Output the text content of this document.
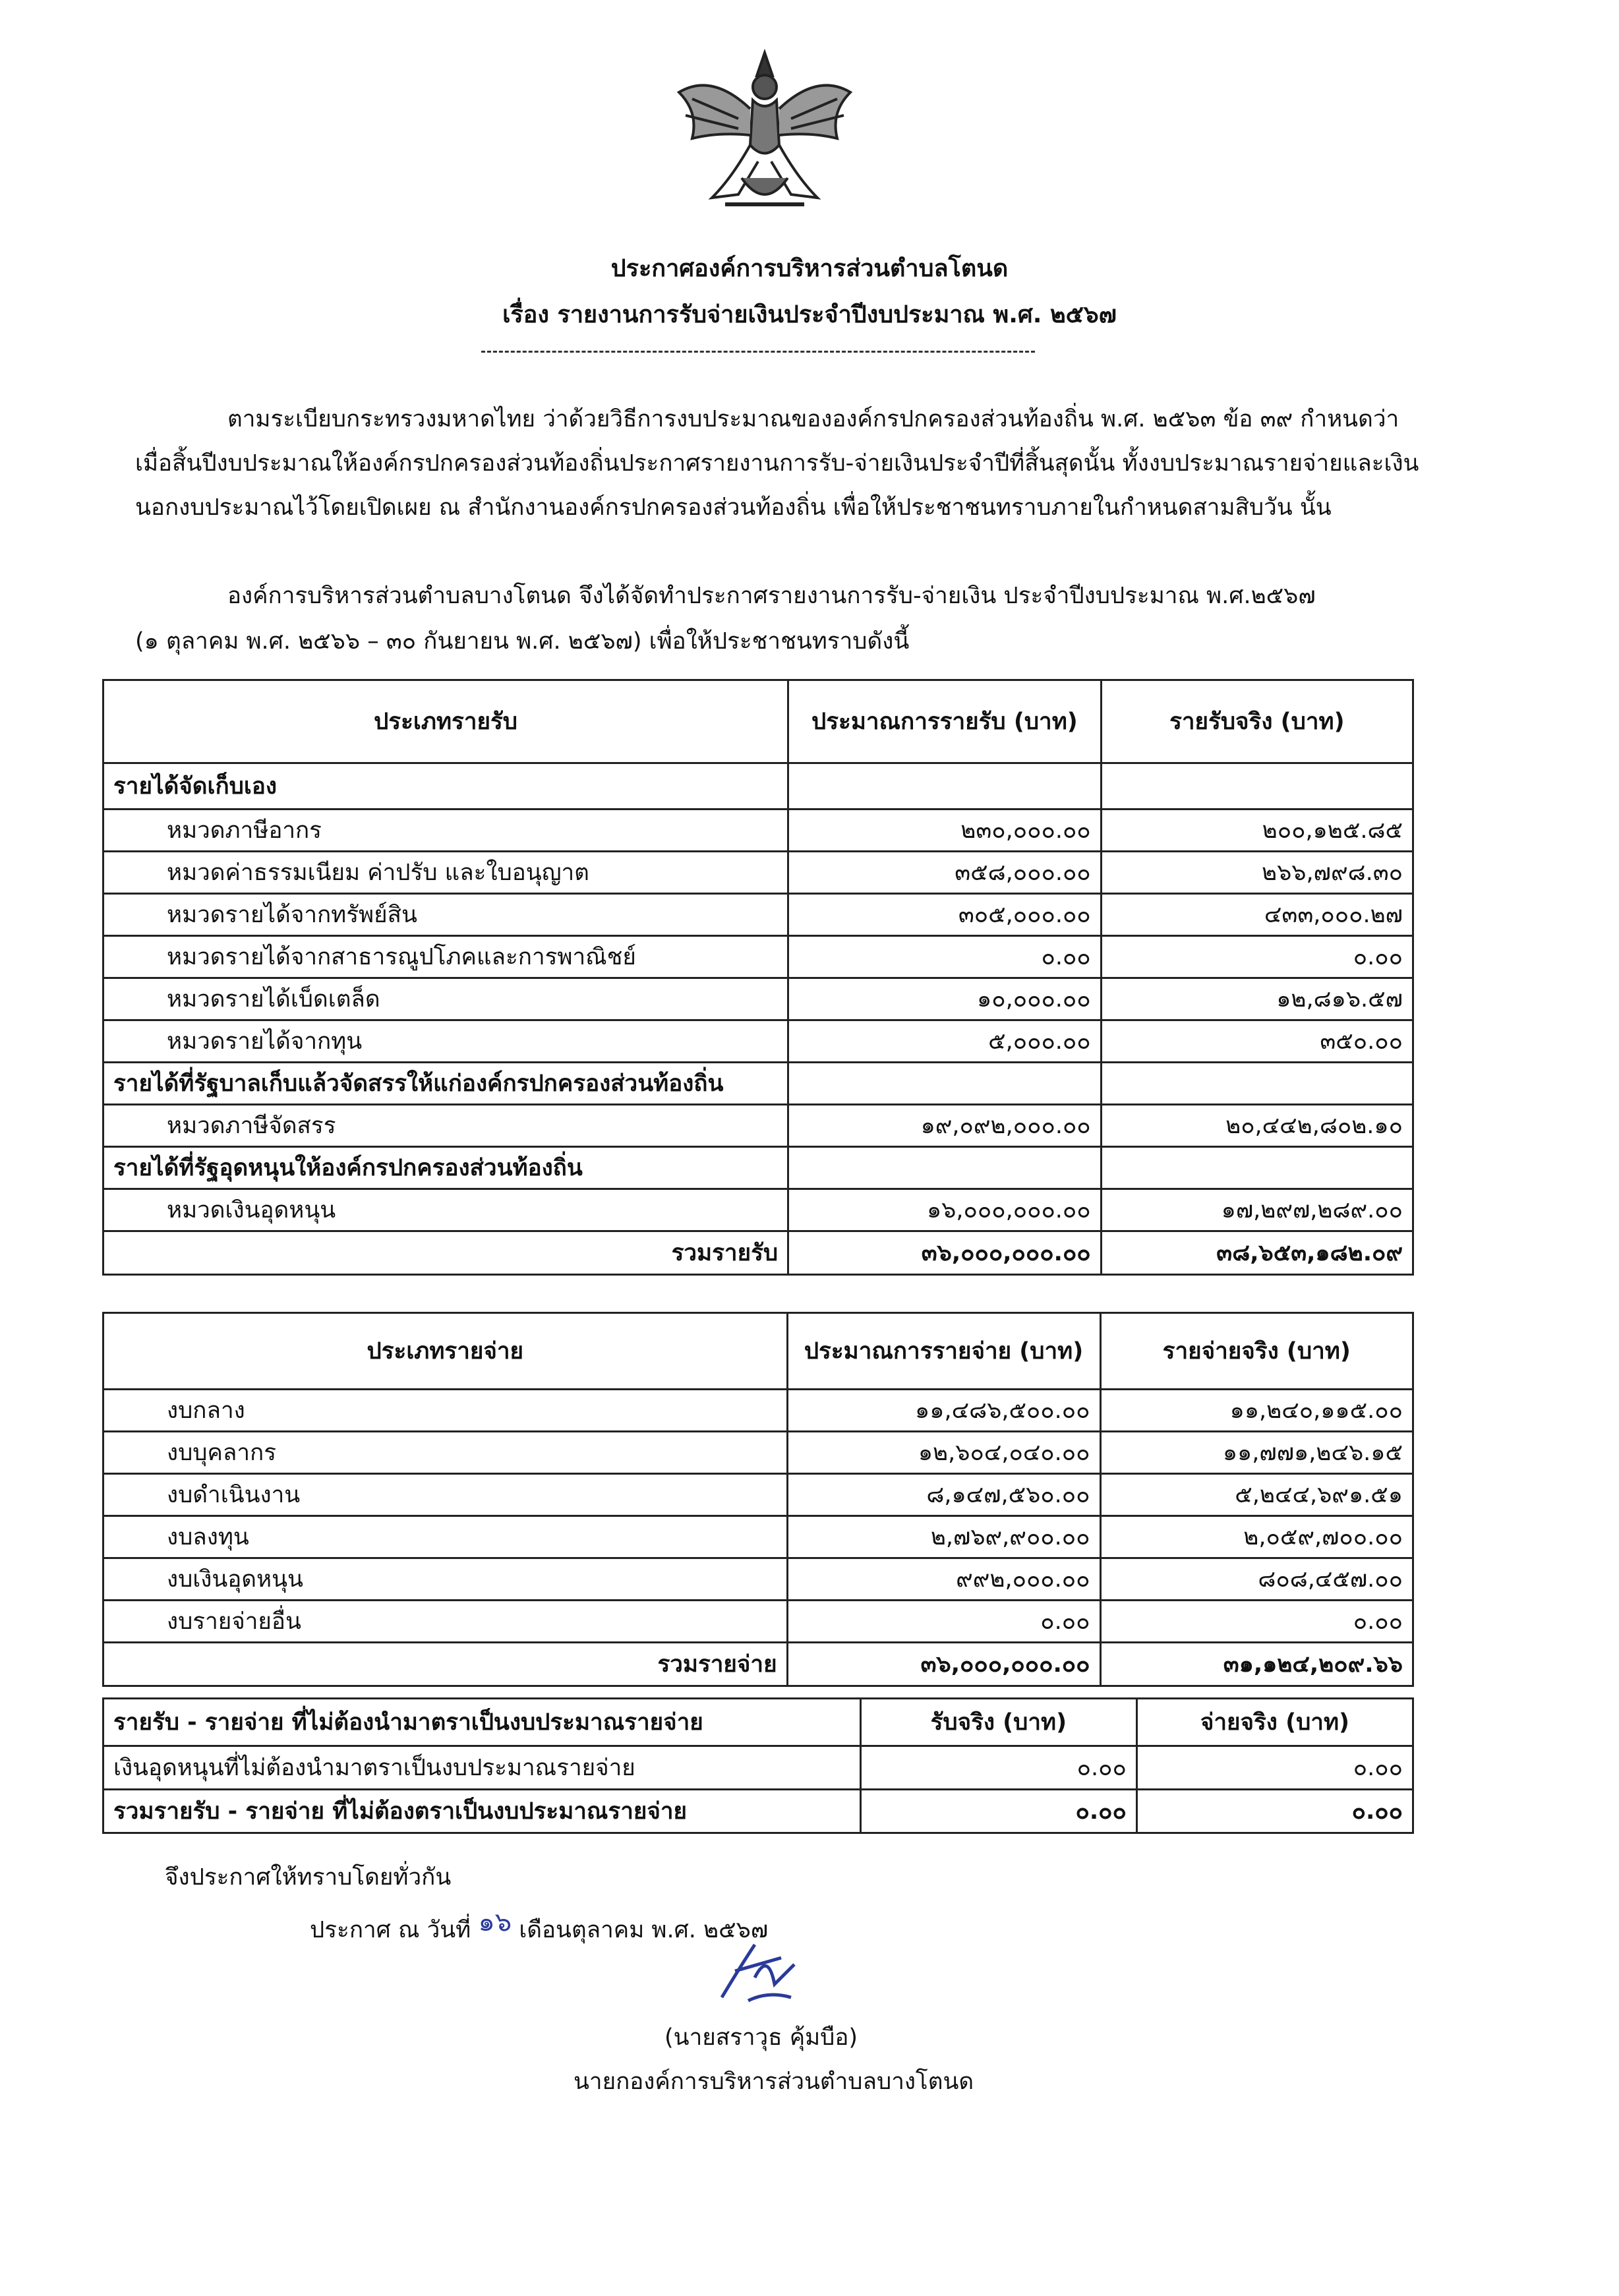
ประกาศองค์การบริหารส่วนตำบลโตนด
เรื่อง รายงานการรับจ่ายเงินประจำปีงบประมาณ พ.ศ. ๒๕๖๗
ตามระเบียบกระทรวงมหาดไทย ว่าด้วยวิธีการงบประมาณขององค์กรปกครองส่วนท้องถิ่น พ.ศ. ๒๕๖๓ ข้อ ๓๙ กำหนดว่า
เมื่อสิ้นปีงบประมาณให้องค์กรปกครองส่วนท้องถิ่นประกาศรายงานการรับ-จ่ายเงินประจำปีที่สิ้นสุดนั้น ทั้งงบประมาณรายจ่ายและเงิน
นอกงบประมาณไว้โดยเปิดเผย ณ สำนักงานองค์กรปกครองส่วนท้องถิ่น เพื่อให้ประชาชนทราบภายในกำหนดสามสิบวัน นั้น
องค์การบริหารส่วนตำบลบางโตนด จึงได้จัดทำประกาศรายงานการรับ-จ่ายเงิน ประจำปีงบประมาณ พ.ศ.๒๕๖๗
(๑ ตุลาคม พ.ศ. ๒๕๖๖ – ๓๐ กันยายน พ.ศ. ๒๕๖๗) เพื่อให้ประชาชนทราบดังนี้
ประเภทรายรับ	ประมาณการรายรับ (บาท)	รายรับจริง (บาท)
รายได้จัดเก็บเอง		
หมวดภาษีอากร	๒๓๐,๐๐๐.๐๐	๒๐๐,๑๒๕.๘๕
หมวดค่าธรรมเนียม ค่าปรับ และใบอนุญาต	๓๕๘,๐๐๐.๐๐	๒๖๖,๗๙๘.๓๐
หมวดรายได้จากทรัพย์สิน	๓๐๕,๐๐๐.๐๐	๔๓๓,๐๐๐.๒๗
หมวดรายได้จากสาธารณูปโภคและการพาณิชย์	๐.๐๐	๐.๐๐
หมวดรายได้เบ็ดเตล็ด	๑๐,๐๐๐.๐๐	๑๒,๘๑๖.๕๗
หมวดรายได้จากทุน	๕,๐๐๐.๐๐	๓๕๐.๐๐
รายได้ที่รัฐบาลเก็บแล้วจัดสรรให้แก่องค์กรปกครองส่วนท้องถิ่น		
หมวดภาษีจัดสรร	๑๙,๐๙๒,๐๐๐.๐๐	๒๐,๔๔๒,๘๐๒.๑๐
รายได้ที่รัฐอุดหนุนให้องค์กรปกครองส่วนท้องถิ่น		
หมวดเงินอุดหนุน	๑๖,๐๐๐,๐๐๐.๐๐	๑๗,๒๙๗,๒๘๙.๐๐
รวมรายรับ	๓๖,๐๐๐,๐๐๐.๐๐	๓๘,๖๕๓,๑๘๒.๐๙
ประเภทรายจ่าย	ประมาณการรายจ่าย (บาท)	รายจ่ายจริง (บาท)
งบกลาง	๑๑,๔๘๖,๕๐๐.๐๐	๑๑,๒๔๐,๑๑๕.๐๐
งบบุคลากร	๑๒,๖๐๔,๐๔๐.๐๐	๑๑,๗๗๑,๒๔๖.๑๕
งบดำเนินงาน	๘,๑๔๗,๕๖๐.๐๐	๕,๒๔๔,๖๙๑.๕๑
งบลงทุน	๒,๗๖๙,๙๐๐.๐๐	๒,๐๕๙,๗๐๐.๐๐
งบเงินอุดหนุน	๙๙๒,๐๐๐.๐๐	๘๐๘,๔๕๗.๐๐
งบรายจ่ายอื่น	๐.๐๐	๐.๐๐
รวมรายจ่าย	๓๖,๐๐๐,๐๐๐.๐๐	๓๑,๑๒๔,๒๐๙.๖๖
รายรับ - รายจ่าย ที่ไม่ต้องนำมาตราเป็นงบประมาณรายจ่าย	รับจริง (บาท)	จ่ายจริง (บาท)
เงินอุดหนุนที่ไม่ต้องนำมาตราเป็นงบประมาณรายจ่าย	๐.๐๐	๐.๐๐
รวมรายรับ - รายจ่าย ที่ไม่ต้องตราเป็นงบประมาณรายจ่าย	๐.๐๐	๐.๐๐
จึงประกาศให้ทราบโดยทั่วกัน
ประกาศ ณ วันที่ ๑๖ เดือนตุลาคม พ.ศ. ๒๕๖๗
(นายสราวุธ คุ้มบือ)
นายกองค์การบริหารส่วนตำบลบางโตนด
